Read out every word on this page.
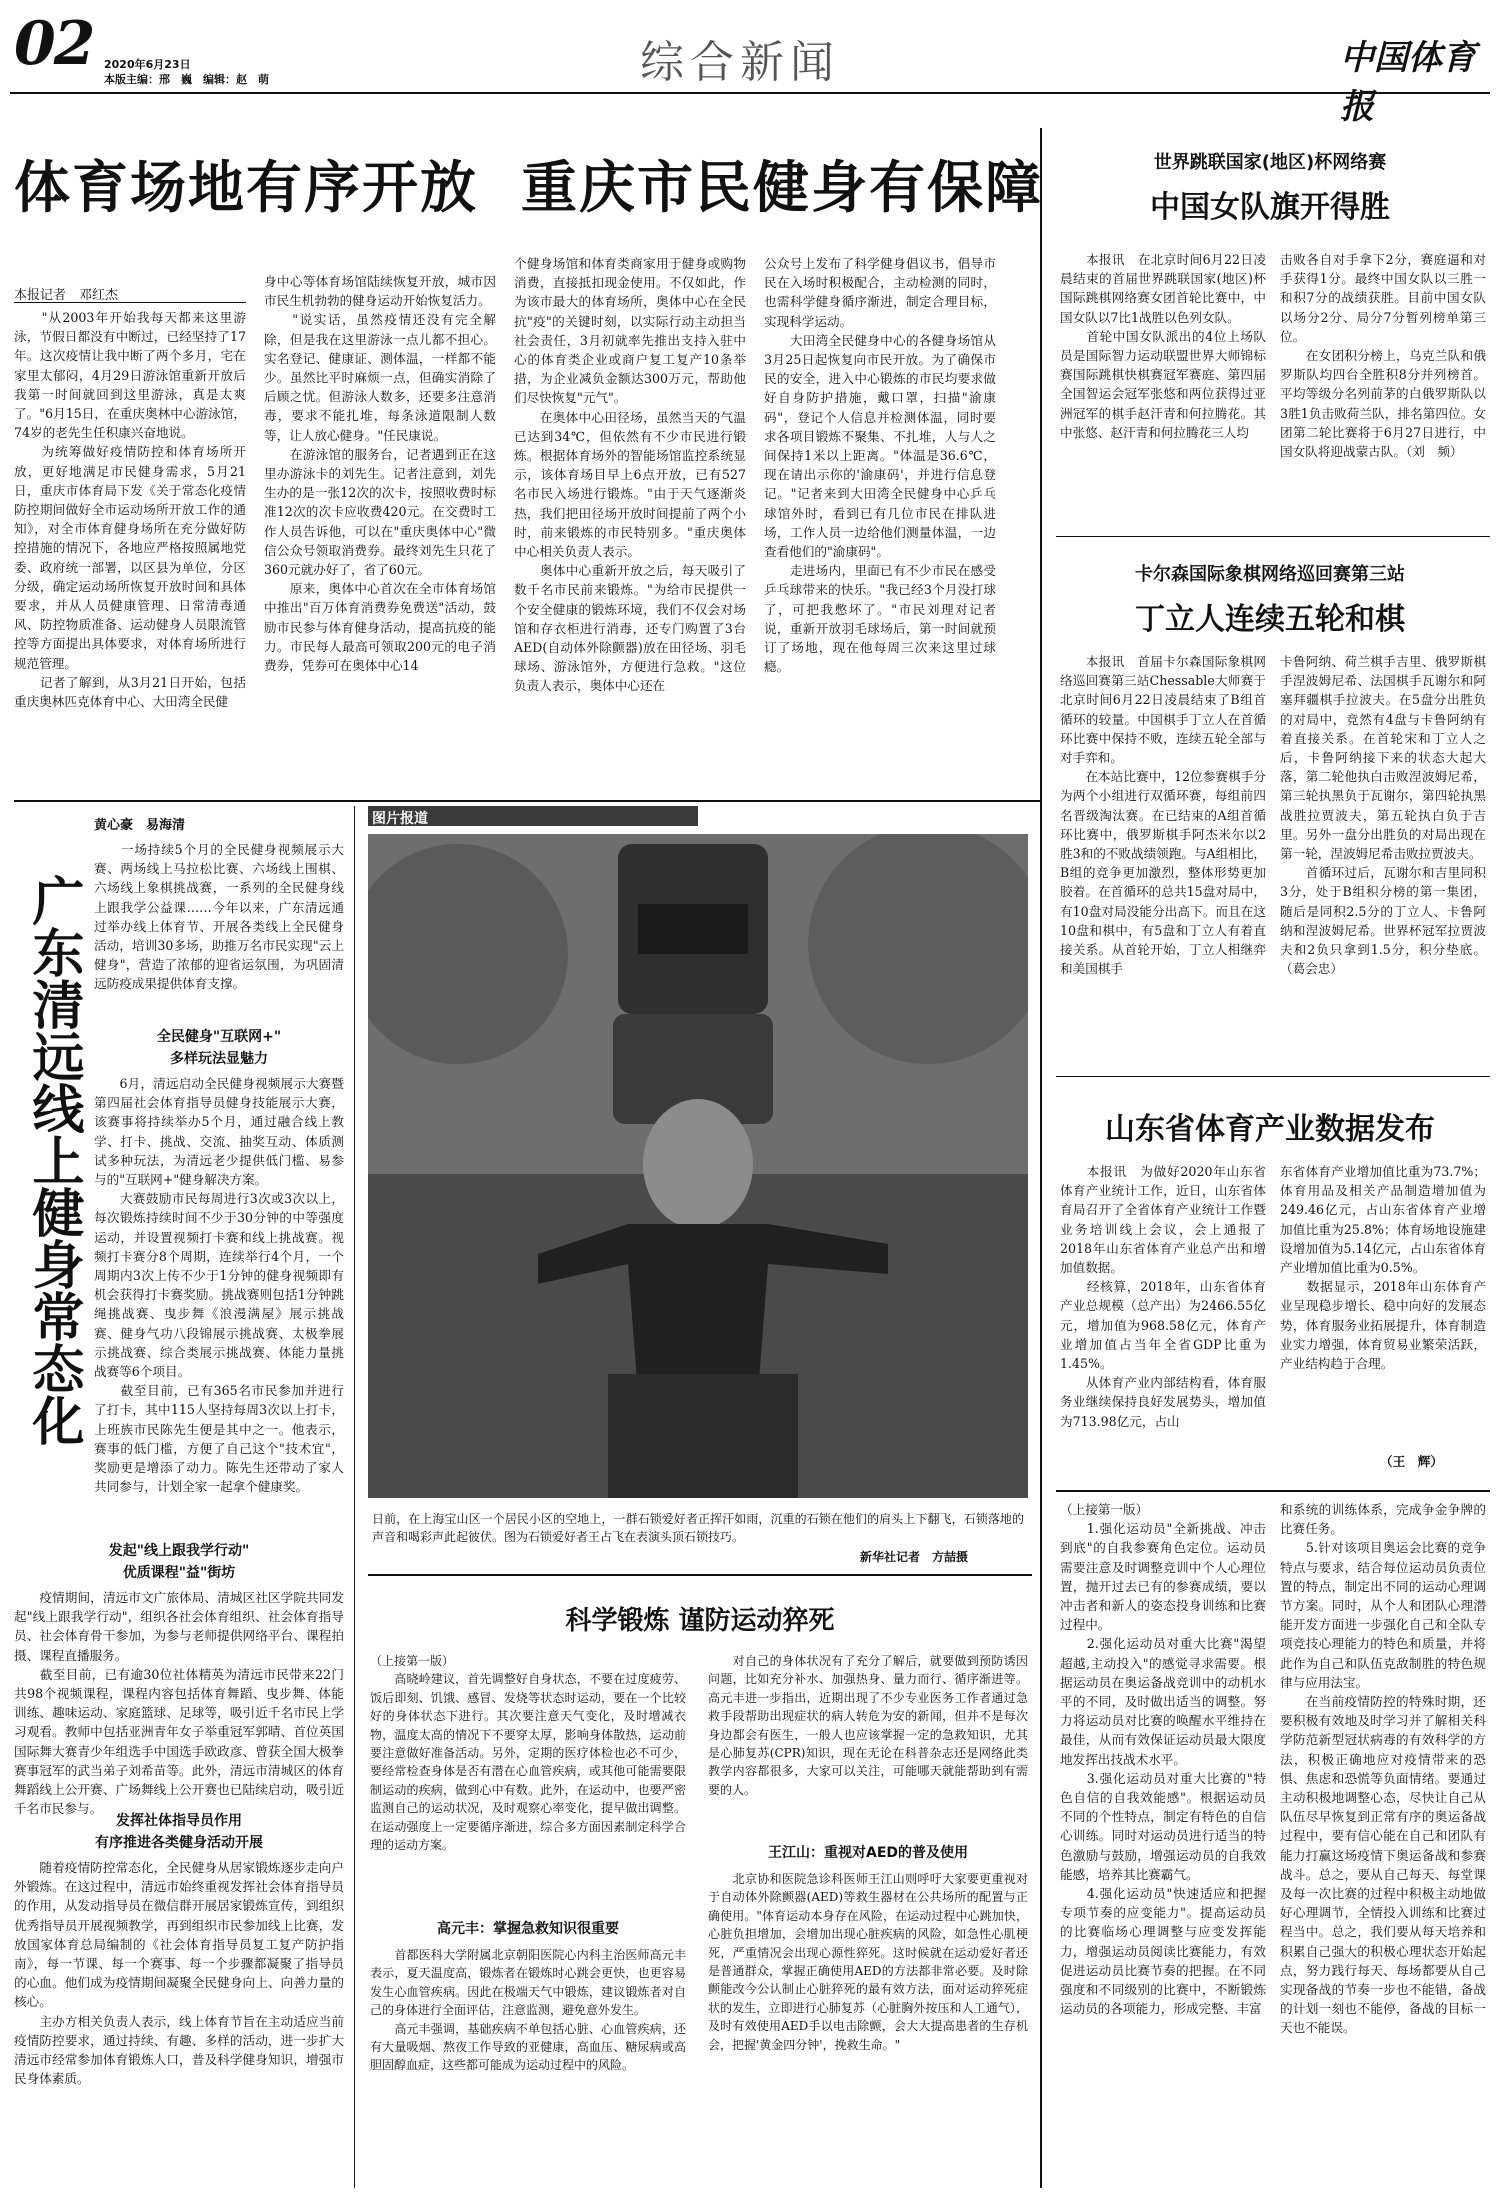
02 2020年6月23日
本版主编：邢　巍　编辑：赵　萌	综合新闻	中国体育报
体育场地有序开放  重庆市民健身有保障
本报记者　邓红杰
　　"从2003年开始我每天都来这里游泳，节假日都没有中断过，已经坚持了17年。这次疫情让我中断了两个多月，宅在家里太郁闷，4月29日游泳馆重新开放后我第一时间就回到这里游泳，真是太爽了。"6月15日，在重庆奥林中心游泳馆，74岁的老先生任积康兴奋地说。
　　为统筹做好疫情防控和体育场所开放，更好地满足市民健身需求，5月21日，重庆市体育局下发《关于常态化疫情防控期间做好全市运动场所开放工作的通知》，对全市体育健身场所在充分做好防控措施的情况下，各地应严格按照属地党委、政府统一部署，以区县为单位，分区分级，确定运动场所恢复开放时间和具体要求，并从人员健康管理、日常清毒通风、防控物质准备、运动健身人员限流管控等方面提出具体要求，对体育场所进行规范管理。
　　记者了解到，从3月21日开始，包括重庆奥林匹克体育中心、大田湾全民健
身中心等体育场馆陆续恢复开放，城市因市民生机勃勃的健身运动开始恢复活力。
　　"说实话，虽然疫情还没有完全解除，但是我在这里游泳一点儿都不担心。实名登记、健康证、测体温，一样都不能少。虽然比平时麻烦一点，但确实消除了后顾之忧。但游泳人数多，还要多注意消毒，要求不能扎堆，每条泳道限制人数等，让人放心健身。"任民康说。
　　在游泳馆的服务台，记者遇到正在这里办游泳卡的刘先生。记者注意到，刘先生办的是一张12次的次卡，按照收费时标准12次的次卡应收费420元。在交费时工作人员告诉他，可以在"重庆奥体中心"微信公众号领取消费券。最终刘先生只花了360元就办好了，省了60元。
　　原来，奥体中心首次在全市体育场馆中推出"百万体育消费券免费送"活动，鼓励市民参与体育健身活动，提高抗疫的能力。市民每人最高可领取200元的电子消费券，凭券可在奥体中心14
个健身场馆和体育类商家用于健身或购物消费，直接抵扣现金使用。不仅如此，作为该市最大的体育场所，奥体中心在全民抗"疫"的关键时刻，以实际行动主动担当社会责任，3月初就率先推出支持入驻中心的体育类企业或商户复工复产10条举措，为企业减负金额达300万元，帮助他们尽快恢复"元气"。
　　在奥体中心田径场，虽然当天的气温已达到34℃，但依然有不少市民进行锻炼。根据体育场外的智能场馆监控系统显示，该体育场目早上6点开放，已有527名市民入场进行锻炼。"由于天气逐渐炎热，我们把田径场开放时间提前了两个小时，前来锻炼的市民特别多。"重庆奥体中心相关负责人表示。
　　奥体中心重新开放之后，每天吸引了数千名市民前来锻炼。"为给市民提供一个安全健康的锻炼环境，我们不仅会对场馆和存衣柜进行消毒，还专门购置了3台AED(自动体外除颤器)放在田径场、羽毛球场、游泳馆外，方便进行急救。"这位负责人表示，奥体中心还在
公众号上发布了科学健身倡议书，倡导市民在入场时积极配合，主动检测的同时，也需科学健身循序渐进，制定合理目标，实现科学运动。
　　大田湾全民健身中心的各健身场馆从3月25日起恢复向市民开放。为了确保市民的安全，进入中心锻炼的市民均要求做好自身防护措施，戴口罩，扫描"渝康码"，登记个人信息并检测体温，同时要求各项目锻炼不聚集、不扎堆，人与人之间保持1米以上距离。"体温是36.6℃，现在请出示你的'渝康码'，并进行信息登记。"记者来到大田湾全民健身中心乒乓球馆外时，看到已有几位市民在排队进场，工作人员一边给他们测量体温，一边查看他们的"渝康码"。
　　走进场内，里面已有不少市民在感受乒乓球带来的快乐。"我已经3个月没打球了，可把我憋坏了。"市民刘理对记者说，重新开放羽毛球场后，第一时间就预订了场地，现在他每周三次来这里过球瘾。
世界跳联国家(地区)杯网络赛
中国女队旗开得胜
　　本报讯　在北京时间6月22日凌晨结束的首届世界跳联国家(地区)杯国际跳棋网络赛女团首轮比赛中，中国女队以7比1战胜以色列女队。
　　首轮中国女队派出的4位上场队员是国际智力运动联盟世界大师锦标赛国际跳棋快棋赛冠军赛庭、第四届全国智运会冠军张悠和两位获得过亚洲冠军的棋手赵汗青和何拉腾花。其中张悠、赵汗青和何拉腾花三人均
击败各自对手拿下2分，赛庭逼和对手获得1分。最终中国女队以三胜一和积7分的战绩获胜。目前中国女队以场分2分、局分7分暂列榜单第三位。
　　在女团积分榜上，乌克兰队和俄罗斯队均四台全胜积8分并列榜首。平均等级分名列前茅的白俄罗斯队以3胜1负击败荷兰队，排名第四位。女团第二轮比赛将于6月27日进行，中国女队将迎战蒙古队。（刘　频）
卡尔森国际象棋网络巡回赛第三站
丁立人连续五轮和棋
　　本报讯　首届卡尔森国际象棋网络巡回赛第三站Chessable大师赛于北京时间6月22日凌晨结束了B组首循环的较量。中国棋手丁立人在首循环比赛中保持不败，连续五轮全部与对手弈和。
　　在本站比赛中，12位参赛棋手分为两个小组进行双循环赛，每组前四名晋级淘汰赛。在已结束的A组首循环比赛中，俄罗斯棋手阿杰米尔以2胜3和的不败战绩领跑。与A组相比，B组的竞争更加激烈，整体形势更加胶着。在首循环的总共15盘对局中，有10盘对局没能分出高下。而且在这10盘和棋中，有5盘和丁立人有着直接关系。从首轮开始，丁立人相继弈和美国棋手
卡鲁阿纳、荷兰棋手吉里、俄罗斯棋手涅波姆尼希、法国棋手瓦谢尔和阿塞拜疆棋手拉波夫。在5盘分出胜负的对局中，竞然有4盘与卡鲁阿纳有着直接关系。在首轮宋和丁立人之后，卡鲁阿纳接下来的状态大起大落，第二轮他执白击败涅波姆尼希，第三轮执黑负于瓦谢尔，第四轮执黑战胜拉贾波夫，第五轮执白负于吉里。另外一盘分出胜负的对局出现在第一轮，涅波姆尼希击败拉贾波夫。
　　首循环过后，瓦谢尔和吉里同积3分，处于B组积分榜的第一集团，随后是同积2.5分的丁立人、卡鲁阿纳和涅波姆尼希。世界杯冠军拉贾波夫和2负只拿到1.5分，积分垫底。（葛会忠）
山东省体育产业数据发布
　　本报讯　为做好2020年山东省体育产业统计工作，近日，山东省体育局召开了全省体育产业统计工作暨业务培训线上会议，会上通报了2018年山东省体育产业总产出和增加值数据。
　　经核算，2018年，山东省体育产业总规模（总产出）为2466.55亿元，增加值为968.58亿元，体育产业增加值占当年全省GDP比重为1.45%。
　　从体育产业内部结构看，体育服务业继续保持良好发展势头，增加值为713.98亿元，占山
东省体育产业增加值比重为73.7%；体育用品及相关产品制造增加值为249.46亿元，占山东省体育产业增加值比重为25.8%；体育场地设施建设增加值为5.14亿元，占山东省体育产业增加值比重为0.5%。
　　数据显示，2018年山东体育产业呈现稳步增长、稳中向好的发展态势，体育服务业拓展提升，体育制造业实力增强，体育贸易业繁荣活跃，产业结构趋于合理。
（王　辉）
（上接第一版）
　　1.强化运动员"全新挑战、冲击到底"的自我参赛角色定位。运动员需要注意及时调整竞训中个人心理位置，抛开过去已有的参赛成绩，要以冲击者和新人的姿态投身训练和比赛过程中。
　　2.强化运动员对重大比赛"渴望超越,主动投入"的感觉寻求需要。根据运动员在奥运备战竞训中的动机水平的不同，及时做出适当的调整。努力将运动员对比赛的唤醒水平维持在最佳，从而有效保证运动员最大限度地发挥出技战术水平。
　　3.强化运动员对重大比赛的"特色自信的自我效能感"。根据运动员不同的个性特点，制定有特色的自信心训练。同时对运动员进行适当的特色激励与鼓励，增强运动员的自我效能感，培养其比赛霸气。
　　4.强化运动员"快速适应和把握专项节奏的应变能力"。提高运动员的比赛临场心理调整与应变发挥能力，增强运动员阅读比赛能力，有效促进运动员比赛节奏的把握。在不同强度和不同级别的比赛中，不断锻炼运动员的各项能力，形成完整、丰富
和系统的训练体系，完成争金争牌的比赛任务。
　　5.针对该项目奥运会比赛的竞争特点与要求，结合每位运动员负责位置的特点，制定出不同的运动心理调节方案。同时，从个人和团队心理潜能开发方面进一步强化自己和全队专项竞技心理能力的特色和质量，并将此作为自己和队伍克敌制胜的特色规律与应用法宝。
　　在当前疫情防控的特殊时期，还要积极有效地及时学习并了解相关科学防范新型冠状病毒的有效科学的方法，积极正确地应对疫情带来的恐惧、焦虑和恐慌等负面情绪。要通过主动积极地调整心态，尽快让自己从队伍尽早恢复到正常有序的奥运备战过程中，要有信心能在自己和团队有能力打赢这场疫情下奥运备战和参赛战斗。总之，要从自己每天、每堂课及每一次比赛的过程中积极主动地做好心理调节，全情投入训练和比赛过程当中。总之，我们要从每天培养和积累自己强大的积极心理状态开始起点，努力践行每天、每场都要从自己实现备战的节奏一步也不能错，备战的计划一刻也不能停，备战的目标一天也不能误。
黄心豪　易海清
广东清远线上健身常态化
　　一场持续5个月的全民健身视频展示大赛、两场线上马拉松比赛、六场线上围棋、六场线上象棋挑战赛，一系列的全民健身线上跟我学公益课……今年以来，广东清远通过举办线上体育节、开展各类线上全民健身活动，培训30多场，助推万名市民实现"云上健身"，营造了浓郁的迎省运氛围，为巩固清远防疫成果提供体育支撑。
全民健身"互联网+"
多样玩法显魅力
　　6月，清远启动全民健身视频展示大赛暨第四届社会体育指导员健身技能展示大赛，该赛事将持续举办5个月，通过融合线上教学、打卡、挑战、交流、抽奖互动、体质测试多种玩法，为清远老少提供低门槛、易参与的"互联网+"健身解决方案。
　　大赛鼓励市民每周进行3次或3次以上，每次锻炼持续时间不少于30分钟的中等强度运动，并设置视频打卡赛和线上挑战赛。视频打卡赛分8个周期，连续举行4个月，一个周期内3次上传不少于1分钟的健身视频即有机会获得打卡赛奖励。挑战赛则包括1分钟跳绳挑战赛、曳步舞《浪漫满屋》展示挑战赛、健身气功八段锦展示挑战赛、太极拳展示挑战赛、综合类展示挑战赛、体能力量挑战赛等6个项目。
　　截至目前，已有365名市民参加并进行了打卡，其中115人坚持每周3次以上打卡，上班族市民陈先生便是其中之一。他表示，赛事的低门槛，方便了自己这个"技术宜"，奖励更是增添了动力。陈先生还带动了家人共同参与，计划全家一起拿个健康奖。
发起"线上跟我学行动"
优质课程"益"街坊
　　疫情期间，清远市文广旅体局、清城区社区学院共同发起"线上跟我学行动"，组织各社会体育组织、社会体育指导员、社会体育骨干参加，为参与老师提供网络平台、课程拍摄、课程直播服务。
　　截至目前，已有逾30位社体精英为清远市民带来22门共98个视频课程，课程内容包括体育舞蹈、曳步舞、体能训练、趣味运动、家庭篮球、足球等，吸引近千名市民上学习观看。教师中包括亚洲青年女子举重冠军郭晴、首位英国国际舞大赛青少年组选手中国选手欧政彦、曾获全国大极拳赛事冠军的武当弟子刘希苗等。此外，清远市清城区的体育舞蹈线上公开赛、广场舞线上公开赛也已陆续启动，吸引近千名市民参与。
发挥社体指导员作用
有序推进各类健身活动开展
　　随着疫情防控常态化，全民健身从居家锻炼逐步走向户外锻炼。在这过程中，清远市始终重视发挥社会体育指导员的作用，从发动指导员在微信群开展居家锻炼宣传，到组织优秀指导员开展视频教学，再到组织市民参加线上比赛，发放国家体育总局编制的《社会体育指导员复工复产防护指南》，每一节课、每一个赛事、每一个步骤都凝聚了指导员的心血。他们成为疫情期间凝聚全民健身向上、向善力量的核心。
　　主办方相关负责人表示，线上体育节旨在主动适应当前疫情防控要求，通过持续、有趣、多样的活动，进一步扩大清远市经常参加体育锻炼人口，普及科学健身知识，增强市民身体素质。
图片报道
日前，在上海宝山区一个居民小区的空地上，一群石锁爱好者正挥汗如雨，沉重的石锁在他们的肩头上下翻飞，石锁落地的声音和喝彩声此起彼伏。图为石锁爱好者王占飞在表演头顶石锁技巧。
新华社记者　方喆摄
科学锻炼 谨防运动猝死
（上接第一版）
　　高晓岭建议，首先调整好自身状态，不要在过度疲劳、饭后即刻、饥饿、感冒、发烧等状态时运动，要在一个比较好的身体状态下进行。其次要注意天气变化，及时增减衣物，温度太高的情况下不要穿太厚，影响身体散热，运动前要注意做好准备活动。另外，定期的医疗体检也必不可少，要经常检查身体是否有潜在心血管疾病，或其他可能需要限制运动的疾病，做到心中有数。此外，在运动中，也要严密监测自己的运动状况，及时观察心率变化，提早做出调整。在运动强度上一定要循序渐进，综合多方面因素制定科学合理的运动方案。
高元丰：掌握急救知识很重要
　　首都医科大学附属北京朝阳医院心内科主治医师高元丰表示，夏天温度高，锻炼者在锻炼时心跳会更快，也更容易发生心血管疾病。因此在极端天气中锻炼，建议锻炼者对自己的身体进行全面评估，注意监测，避免意外发生。
　　高元丰强调，基础疾病不单包括心脏、心血管疾病，还有大量吸烟、熬夜工作导致的亚健康，高血压、糖尿病或高胆固醇血症，这些都可能成为运动过程中的风险。
　　对自己的身体状况有了充分了解后，就要做到预防诱因问题，比如充分补水、加强热身、量力而行、循序渐进等。高元丰进一步指出，近期出现了不少专业医务工作者通过急救手段帮助出现症状的病人转危为安的新闻，但并不是每次身边都会有医生，一般人也应该掌握一定的急救知识，尤其是心肺复苏(CPR)知识，现在无论在科普杂志还是网络此类教学内容都很多，大家可以关注，可能哪天就能帮助到有需要的人。
王江山：重视对AED的普及使用
　　北京协和医院急诊科医师王江山则呼吁大家要更重视对于自动体外除颤器(AED)等救生器材在公共场所的配置与正确使用。"体育运动本身存在风险，在运动过程中心跳加快，心脏负担增加，会增加出现心脏疾病的风险，如急性心肌梗死，严重情况会出现心源性猝死。这时候就在运动爱好者还是普通群众，掌握正确使用AED的方法都非常必要。及时除颤能改今公认制止心脏猝死的最有效方法，面对运动猝死症状的发生，立即进行心肺复苏（心脏胸外按压和人工通气），及时有效使用AED手以电击除颤，会大大提高患者的生存机会，把握'黄金四分钟'，挽救生命。"
